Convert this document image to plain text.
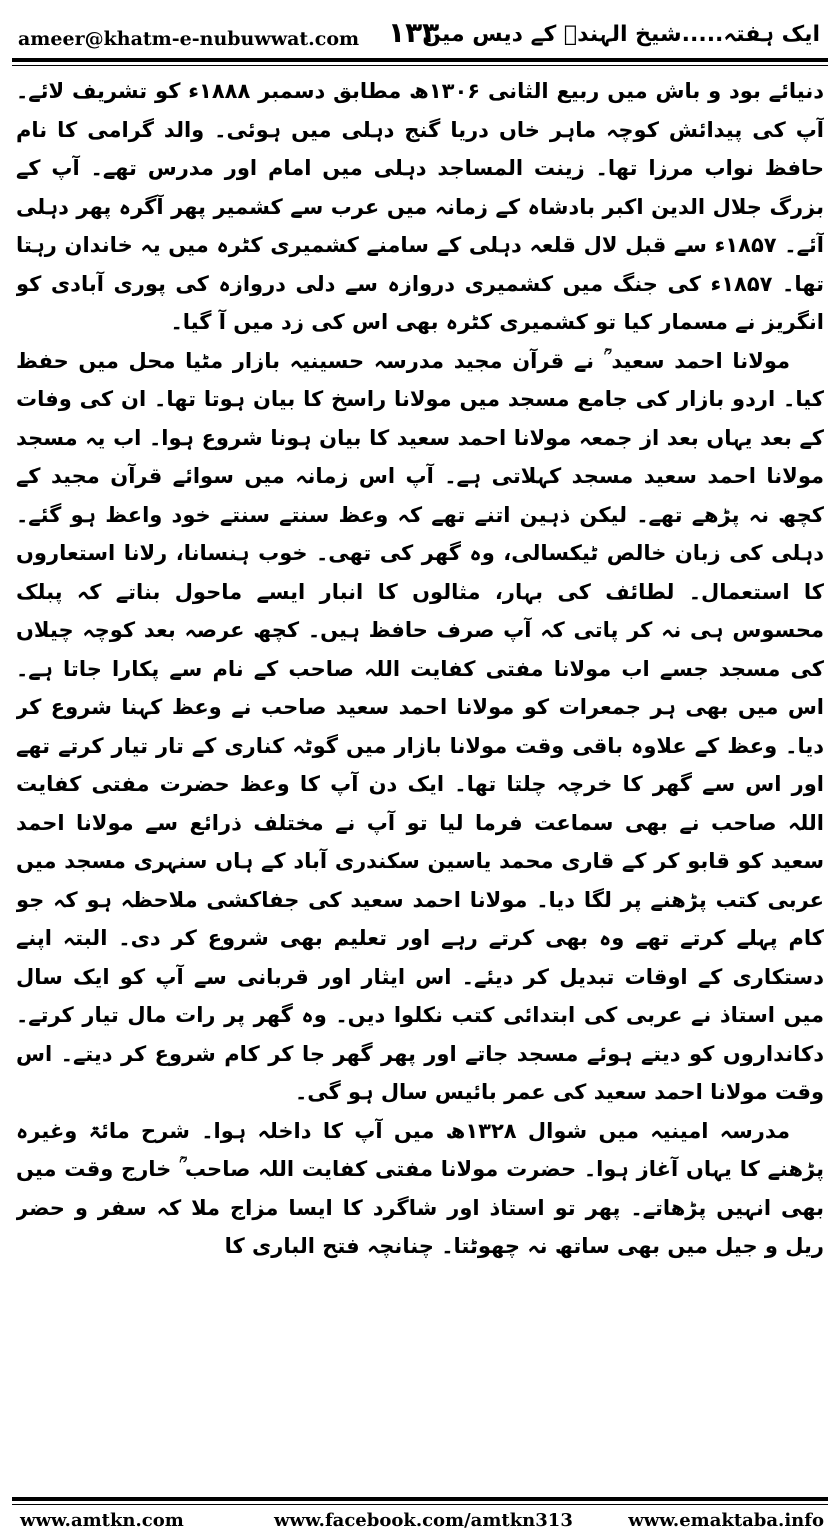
ameer@khatm-e-nubuwwat.com ۱۳۳
ایک ہفتہ.....شیخ الہندؒ کے دیس میں

دنیائے بود و باش میں ربیع الثانی ۱۳۰۶ھ مطابق دسمبر ۱۸۸۸ء کو تشریف لائے۔ آپ کی پیدائش کوچہ ماہر خاں دریا گنج دہلی میں ہوئی۔ والد گرامی کا نام حافظ نواب مرزا تھا۔ زینت المساجد دہلی میں امام اور مدرس تھے۔ آپ کے بزرگ جلال الدین اکبر بادشاہ کے زمانہ میں عرب سے کشمیر پھر آگرہ پھر دہلی آئے۔ ۱۸۵۷ء سے قبل لال قلعہ دہلی کے سامنے کشمیری کٹرہ میں یہ خاندان رہتا تھا۔ ۱۸۵۷ء کی جنگ میں کشمیری دروازہ سے دلی دروازہ کی پوری آبادی کو انگریز نے مسمار کیا تو کشمیری کٹرہ بھی اس کی زد میں آ گیا۔

مولانا احمد سعید ؒ نے قرآن مجید مدرسہ حسینیہ بازار مٹیا محل میں حفظ کیا۔ اردو بازار کی جامع مسجد میں مولانا راسخ کا بیان ہوتا تھا۔ ان کی وفات کے بعد یہاں بعد از جمعہ مولانا احمد سعید کا بیان ہونا شروع ہوا۔ اب یہ مسجد مولانا احمد سعید مسجد کہلاتی ہے۔ آپ اس زمانہ میں سوائے قرآن مجید کے کچھ نہ پڑھے تھے۔ لیکن ذہین اتنے تھے کہ وعظ سنتے سنتے خود واعظ ہو گئے۔ دہلی کی زبان خالص ٹیکسالی، وہ گھر کی تھی۔ خوب ہنسانا، رلانا استعاروں کا استعمال۔ لطائف کی بہار، مثالوں کا انبار ایسے ماحول بناتے کہ پبلک محسوس ہی نہ کر پاتی کہ آپ صرف حافظ ہیں۔ کچھ عرصہ بعد کوچہ چیلاں کی مسجد جسے اب مولانا مفتی کفایت اللہ صاحب کے نام سے پکارا جاتا ہے۔ اس میں بھی ہر جمعرات کو مولانا احمد سعید صاحب نے وعظ کہنا شروع کر دیا۔ وعظ کے علاوہ باقی وقت مولانا بازار میں گوٹہ کناری کے تار تیار کرتے تھے اور اس سے گھر کا خرچہ چلتا تھا۔ ایک دن آپ کا وعظ حضرت مفتی کفایت اللہ صاحب نے بھی سماعت فرما لیا تو آپ نے مختلف ذرائع سے مولانا احمد سعید کو قابو کر کے قاری محمد یاسین سکندری آباد کے ہاں سنہری مسجد میں عربی کتب پڑھنے پر لگا دیا۔ مولانا احمد سعید کی جفاکشی ملاحظہ ہو کہ جو کام پہلے کرتے تھے وہ بھی کرتے رہے اور تعلیم بھی شروع کر دی۔ البتہ اپنے دستکاری کے اوقات تبدیل کر دیئے۔ اس ایثار اور قربانی سے آپ کو ایک سال میں استاذ نے عربی کی ابتدائی کتب نکلوا دیں۔ وہ گھر پر رات مال تیار کرتے۔ دکانداروں کو دیتے ہوئے مسجد جاتے اور پھر گھر جا کر کام شروع کر دیتے۔ اس وقت مولانا احمد سعید کی عمر بائیس سال ہو گی۔

مدرسہ امینیہ میں شوال ۱۳۲۸ھ میں آپ کا داخلہ ہوا۔ شرح مائۃ وغیرہ پڑھنے کا یہاں آغاز ہوا۔ حضرت مولانا مفتی کفایت اللہ صاحب ؒ خارج وقت میں بھی انہیں پڑھاتے۔ پھر تو استاذ اور شاگرد کا ایسا مزاج ملا کہ سفر و حضر ریل و جیل میں بھی ساتھ نہ چھوٹتا۔ چنانچہ فتح الباری کا

www.amtkn.com	www.facebook.com/amtkn313	www.emaktaba.info
